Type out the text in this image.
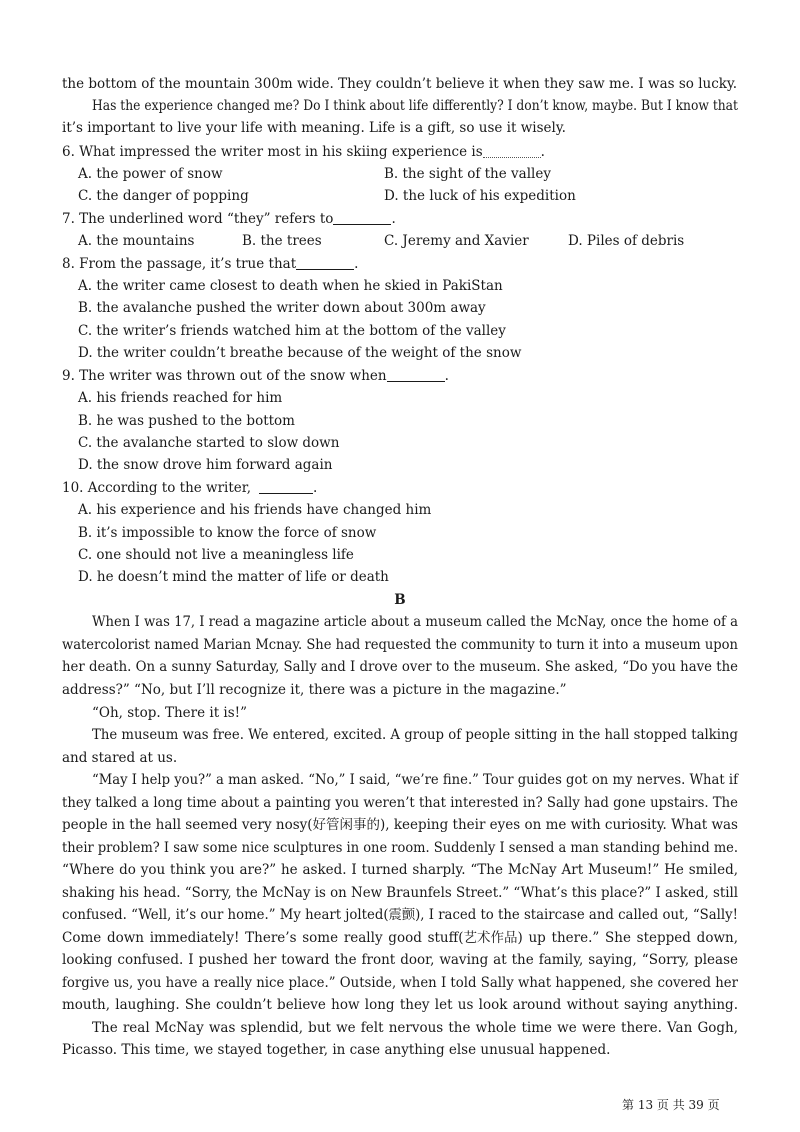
the bottom of the mountain 300m wide. They couldn’t believe it when they saw me. I was so lucky.
Has the experience changed me? Do I think about life differently? I don’t know, maybe. But I know that
it’s important to live your life with meaning. Life is a gift, so use it wisely.
6. What impressed the writer most in his skiing experience is	.
A. the power of snow	B. the sight of the valley
C. the danger of popping	D. the luck of his expedition
7. The underlined word “they” refers to	.
A. the mountains	B. the trees	C. Jeremy and Xavier	D. Piles of debris
8. From the passage, it’s true that	.
A. the writer came closest to death when he skied in PakiStan
B. the avalanche pushed the writer down about 300m away
C. the writer’s friends watched him at the bottom of the valley
D. the writer couldn’t breathe because of the weight of the snow
9. The writer was thrown out of the snow when	.
A. his friends reached for him
B. he was pushed to the bottom
C. the avalanche started to slow down
D. the snow drove him forward again
10. According to the writer,	.
A. his experience and his friends have changed him
B. it’s impossible to know the force of snow
C. one should not live a meaningless life
D. he doesn’t mind the matter of life or death
B
When I was 17, I read a magazine article about a museum called the McNay, once the home of a
watercolorist named Marian Mcnay. She had requested the community to turn it into a museum upon
her death. On a sunny Saturday, Sally and I drove over to the museum. She asked, “Do you have the
address?” “No, but I’ll recognize it, there was a picture in the magazine.”
“Oh, stop. There it is!”
The museum was free. We entered, excited. A group of people sitting in the hall stopped talking
and stared at us.
“May I help you?” a man asked. “No,” I said, “we’re fine.” Tour guides got on my nerves. What if
they talked a long time about a painting you weren’t that interested in? Sally had gone upstairs. The
people in the hall seemed very nosy(好管闲事的), keeping their eyes on me with curiosity. What was
their problem? I saw some nice sculptures in one room. Suddenly I sensed a man standing behind me.
“Where do you think you are?” he asked. I turned sharply. “The McNay Art Museum!” He smiled,
shaking his head. “Sorry, the McNay is on New Braunfels Street.” “What’s this place?” I asked, still
confused. “Well, it’s our home.” My heart jolted(震颤), I raced to the staircase and called out, “Sally!
Come down immediately! There’s some really good stuff(艺术作品) up there.” She stepped down,
looking confused. I pushed her toward the front door, waving at the family, saying, “Sorry, please
forgive us, you have a really nice place.” Outside, when I told Sally what happened, she covered her
mouth, laughing. She couldn’t believe how long they let us look around without saying anything.
The real McNay was splendid, but we felt nervous the whole time we were there. Van Gogh,
Picasso. This time, we stayed together, in case anything else unusual happened.
第 13 页 共 39 页
